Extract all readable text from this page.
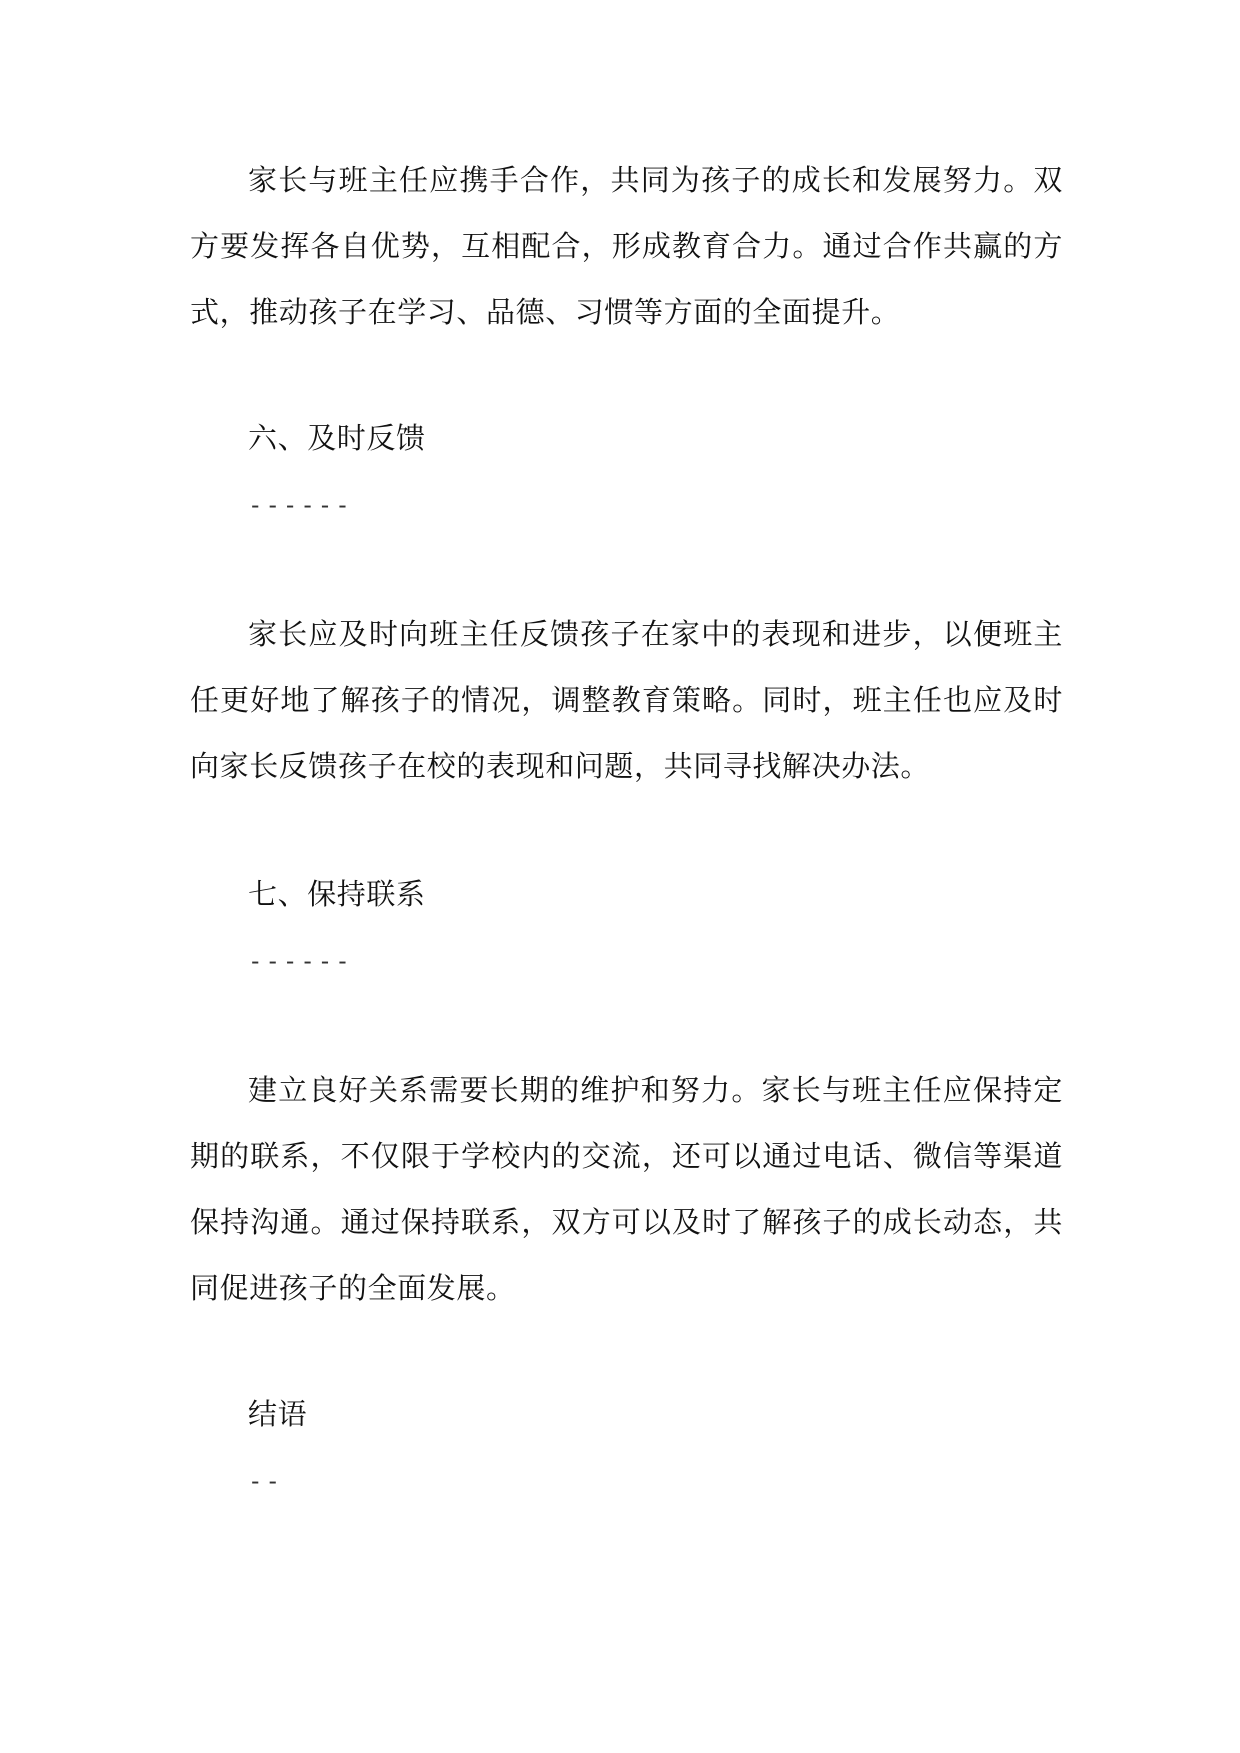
家长与班主任应携手合作，共同为孩子的成长和发展努力。双方要发挥各自优势，互相配合，形成教育合力。通过合作共赢的方式，推动孩子在学习、品德、习惯等方面的全面提升。

六、及时反馈
------

家长应及时向班主任反馈孩子在家中的表现和进步，以便班主任更好地了解孩子的情况，调整教育策略。同时，班主任也应及时向家长反馈孩子在校的表现和问题，共同寻找解决办法。

七、保持联系
------

建立良好关系需要长期的维护和努力。家长与班主任应保持定期的联系，不仅限于学校内的交流，还可以通过电话、微信等渠道保持沟通。通过保持联系，双方可以及时了解孩子的成长动态，共同促进孩子的全面发展。

结语
--
